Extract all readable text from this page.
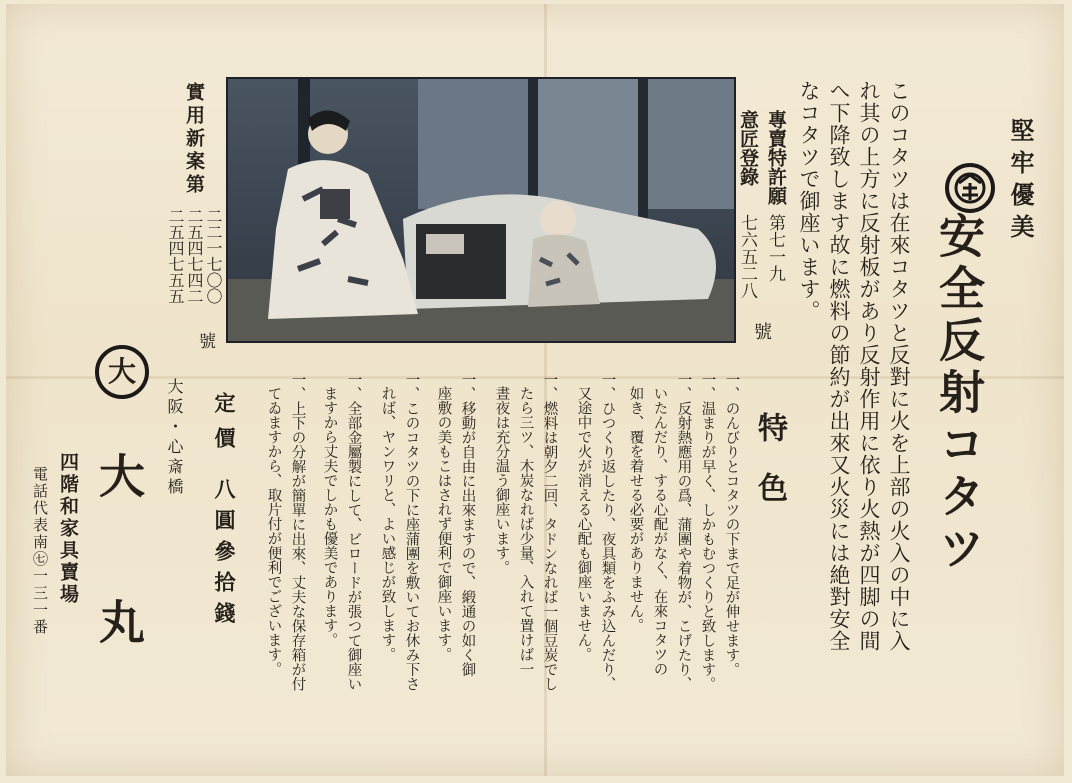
堅牢優美
安全反射コタツ
このコタツは在來コタツと反對に火を上部の火入の中に入
れ其の上方に反射板があり反射作用に依り火熱が四脚の間
へ下降致します故に燃料の節約が出來又火災には絶對安全
なコタツで御座います。
專賣特許願
第七一九
意匠登錄
七六五二八
號
實用新案第
二二一七〇〇
二五四七四二
二五四七五五
號
特色
一、のんびりとコタツの下まで足が伸せます。
一、温まりが早く、しかもむつくりと致します。
一、反射熱應用の爲、蒲團や着物が、こげたり、
いたんだり、する心配がなく、在來コタツの
如き、覆を着せる必要がありません。
一、ひつくり返したり、夜具類をふみ込んだり、
又途中で火が消える心配も御座いません。
一、燃料は朝夕二回、タドンなれば一個豆炭でし
たら三ツ、木炭なれば少量、入れて置けば一
晝夜は充分温う御座います。
一、移動が自由に出來ますので、緞通の如く御
座敷の美もこはされず便利で御座います。
一、このコタツの下に座蒲團を敷いてお休み下さ
れば、ヤンワリと、よい感じが致します。
一、全部金屬製にして、ビロードが張つて御座い
ますから丈夫でしかも優美であります。
一、上下の分解が簡單に出來、丈夫な保存箱が付
てゐますから、取片付が便利でございます。
定價
八圓參拾錢
大阪・心斎橋
大
大
丸
四階和家具賣場
電話代表南㊆一三一番
